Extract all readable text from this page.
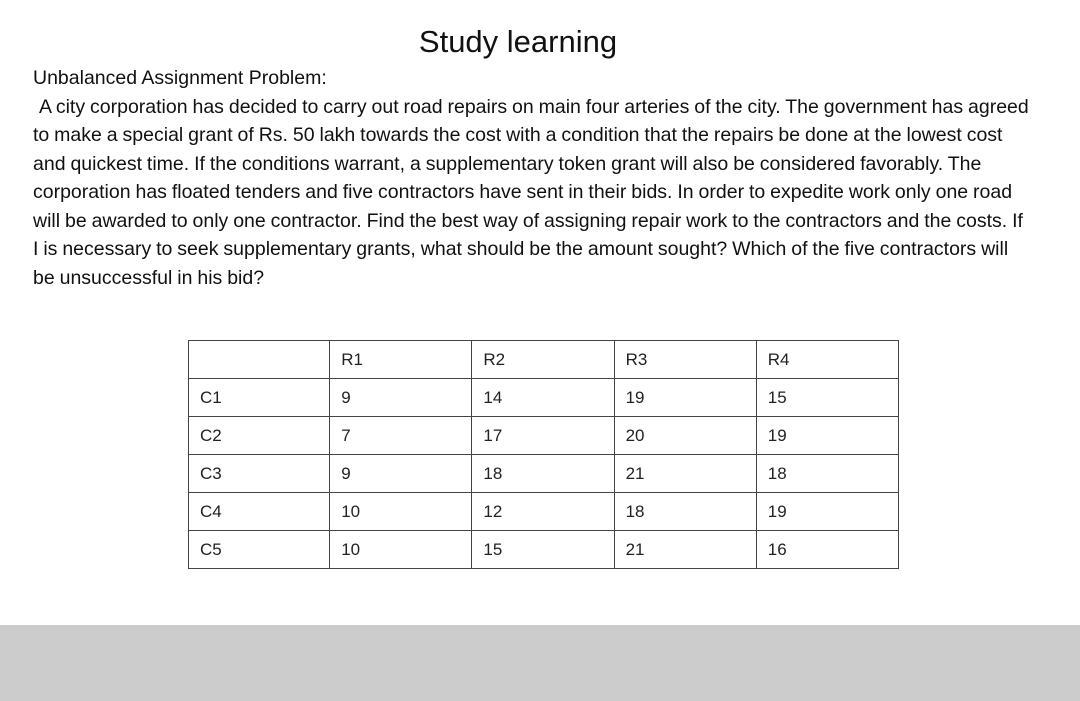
Study learning
Unbalanced Assignment Problem:

A city corporation has decided to carry out road repairs on main four arteries of the city. The government has agreed to make a special grant of Rs. 50 lakh towards the cost with a condition that the repairs be done at the lowest cost and quickest time. If the conditions warrant, a supplementary token grant will also be considered favorably. The corporation has floated tenders and five contractors have sent in their bids. In order to expedite work only one road will be awarded to only one contractor. Find the best way of assigning repair work to the contractors and the costs. If I is necessary to seek supplementary grants, what should be the amount sought? Which of the five contractors will be unsuccessful in his bid?

	R1	R2	R3	R4
C1	9	14	19	15
C2	7	17	20	19
C3	9	18	21	18
C4	10	12	18	19
C5	10	15	21	16
